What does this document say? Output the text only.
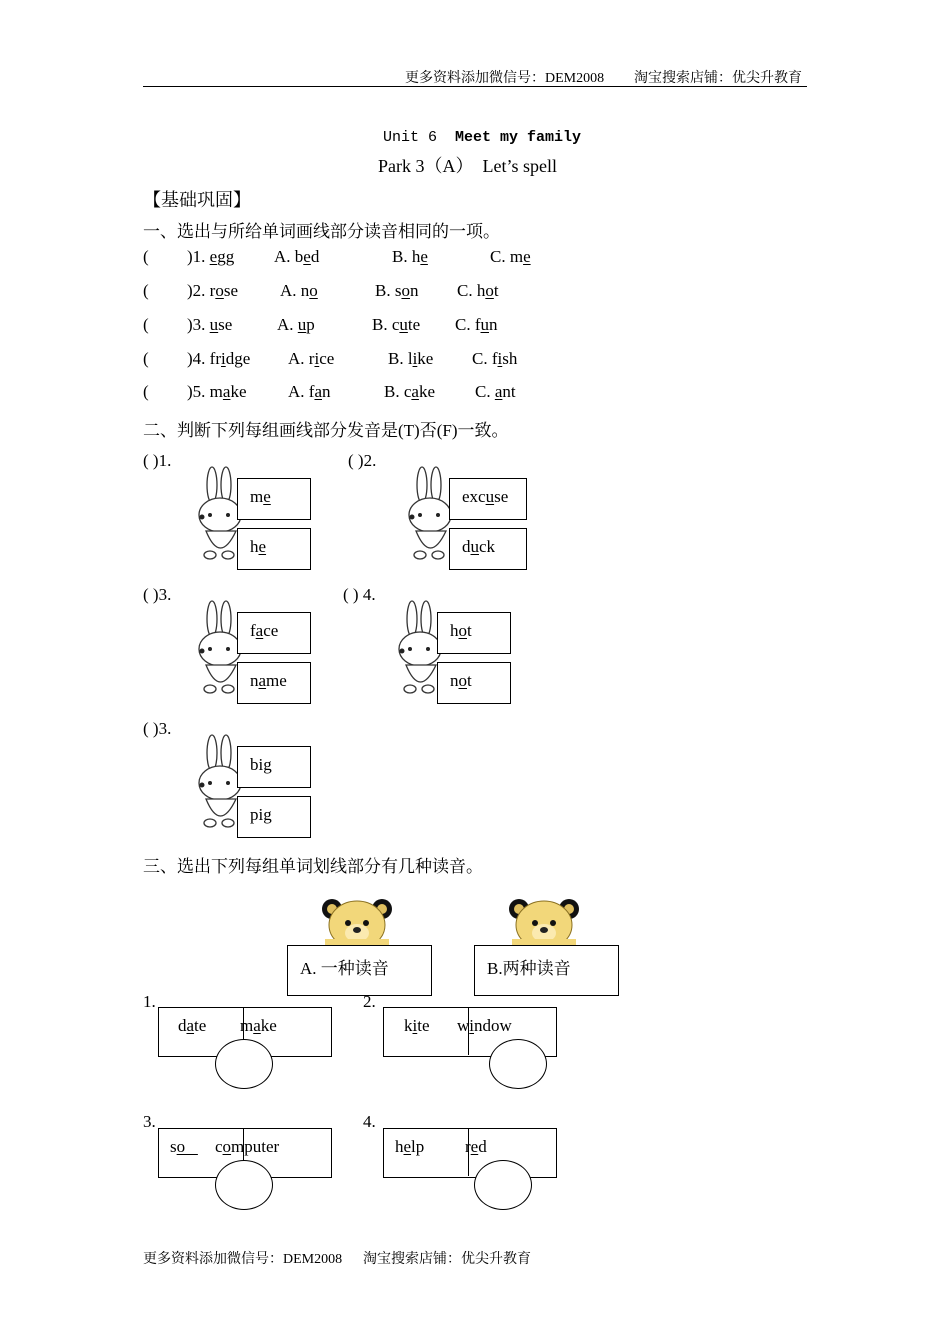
更多资料添加微信号：DEM2008 淘宝搜索店铺：优尖升教育
Unit 6 Meet my family
Park 3（A） Let’s spell
【基础巩固】
一、选出与所给单词画线部分读音相同的一项。
二、判断下列每组画线部分发音是(T)否(F)一致。
三、选出下列每组单词划线部分有几种读音。
A. 一种读音	B.两种读音
更多资料添加微信号：DEM2008 淘宝搜索店铺：优尖升教育
( )1. egg A. bed	B. he	C. me
( )2. rose A. no	B. son C. hot
( )3. use	A. up	B. cute C. fun
( )4. fridge A. rice	B. like C. fish
( )5. make A. fan	B. cake C. ant
( )1.
me
he
( )2.
excuse
duck
( )3.
face
name
( ) 4.
hot
not
( )3.
big
pig
1.
date make
2.
kite window
3.
so computer
4.
help red
